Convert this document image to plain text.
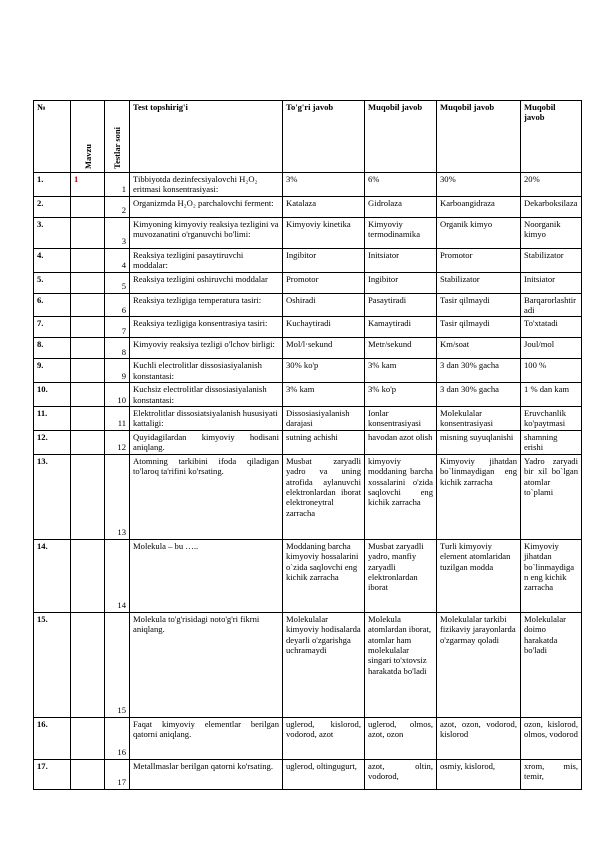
№	Mavzu	Testlar soni	Test topshirig'i	To'g'ri javob	Muqobil javob	Muqobil javob	Muqobil javob
1.	1	1	Tibbiyotda dezinfecsiyalovchi H₂O₂ eritmasi konsentrasiyasi:	3%	6%	30%	20%
2.		2	Organizmda H₂O₂ parchalovchi ferment:	Katalaza	Gidrolaza	Karboangidraza	Dekarboksilaza
3.		3	Kimyoning kimyoviy reaksiya tezligini va muvozanatini o'rganuvchi bo'limi:	Kimyoviy kinetika	Kimyoviy termodinamika	Organik kimyo	Noorganik kimyo
4.		4	Reaksiya tezligini pasaytiruvchi moddalar:	Ingibitor	Initsiator	Promotor	Stabilizator
5.		5	Reaksiya tezligini oshiruvchi moddalar	Promotor	Ingibitor	Stabilizator	Initsiator
6.		6	Reaksiya tezligiga temperatura tasiri:	Oshiradi	Pasaytiradi	Tasir qilmaydi	Barqarorlashtiradi
7.		7	Reaksiya tezligiga konsentrasiya tasiri:	Kuchaytiradi	Kamaytiradi	Tasir qilmaydi	To'xtatadi
8.		8	Kimyoviy reaksiya tezligi o'lchov birligi:	Mol/l·sekund	Metr/sekund	Km/soat	Joul/mol
9.		9	Kuchli electrolitlar dissosiasiyalanish konstantasi:	30% ko'p	3% kam	3 dan 30% gacha	100 %
10.		10	Kuchsiz electrolitlar dissosiasiyalanish konstantasi:	3% kam	3% ko'p	3 dan 30% gacha	1 % dan kam
11.		11	Elektrolitlar dissosiatsiyalanish hususiyati kattaligi:	Dissosiasiyalanish darajasi	Ionlar konsentrasiyasi	Molekulalar konsentrasiyasi	Eruvchanlik ko'paytmasi
12.		12	Quyidagilardan kimyoviy hodisani aniqlang.	sutning achishi	havodan azot olish	misning suyuqlanishi	shamning erishi
13.		13	Atomning tarkibini ifoda qiladigan to'laroq ta'rifini ko'rsating.	Musbat zaryadli yadro va uning atrofida aylanuvchi elektronlardan iborat elektroneytral zarracha	kimyoviy moddaning barcha xossalarini o'zida saqlovchi eng kichik zarracha	Kimyoviy jihatdan bo`linmaydigan eng kichik zarracha	Yadro zaryadi bir xil bo`lgan atomlar to`plami
14.		14	Molekula – bu …..	Moddaning barcha kimyoviy hossalarini o`zida saqlovchi eng kichik zarracha	Musbat zaryadli yadro, manfiy zaryadli elektronlardan iborat	Turli kimyoviy element atomlaridan tuzilgan modda	Kimyoviy jihatdan bo`linmaydigan eng kichik zarracha
15.		15	Molekula to'g'risidagi noto'g'ri fikrni aniqlang.	Molekulalar kimyoviy hodisalarda deyarli o'zgarishga uchramaydi	Molekula atomlardan iborat, atomlar ham molekulalar singari to'xtovsiz harakatda bo'ladi	Molekulalar tarkibi fizikaviy jarayonlarda o'zgarmay qoladi	Molekulalar doimo harakatda bo'ladi
16.		16	Faqat kimyoviy elementlar berilgan qatorni aniqlang.	uglerod, kislorod, vodorod, azot	uglerod, olmos, azot, ozon	azot, ozon, vodorod, kislorod	ozon, kislorod, olmos, vodorod
17.		17	Metallmaslar berilgan qatorni ko'rsating.	uglerod, oltingugurt,	azot, oltin, vodorod,	osmiy, kislorod,	xrom, mis, temir,
